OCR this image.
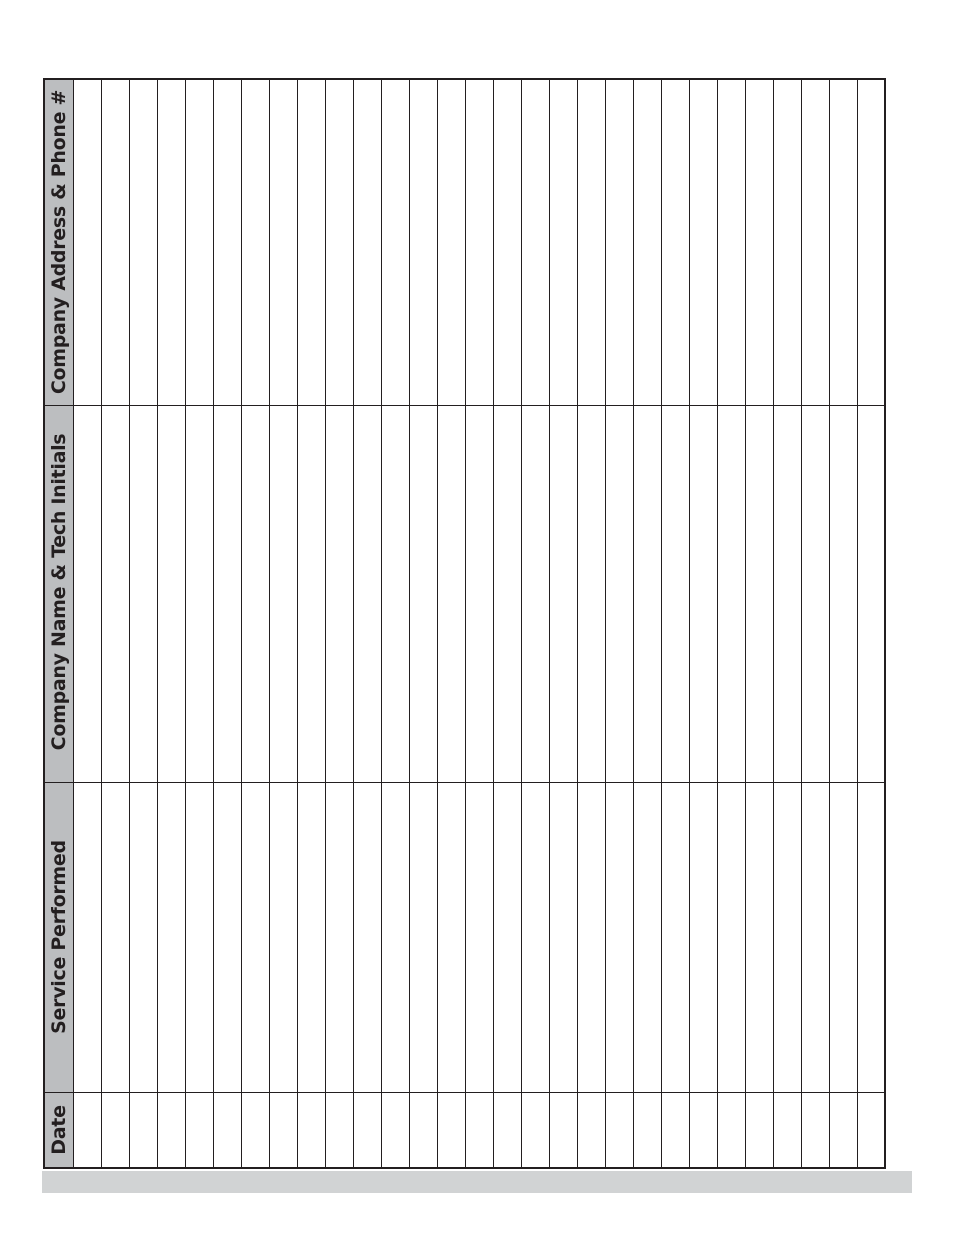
Company Address & Phone #
Company Name & Tech Initials
Service Performed
Date
